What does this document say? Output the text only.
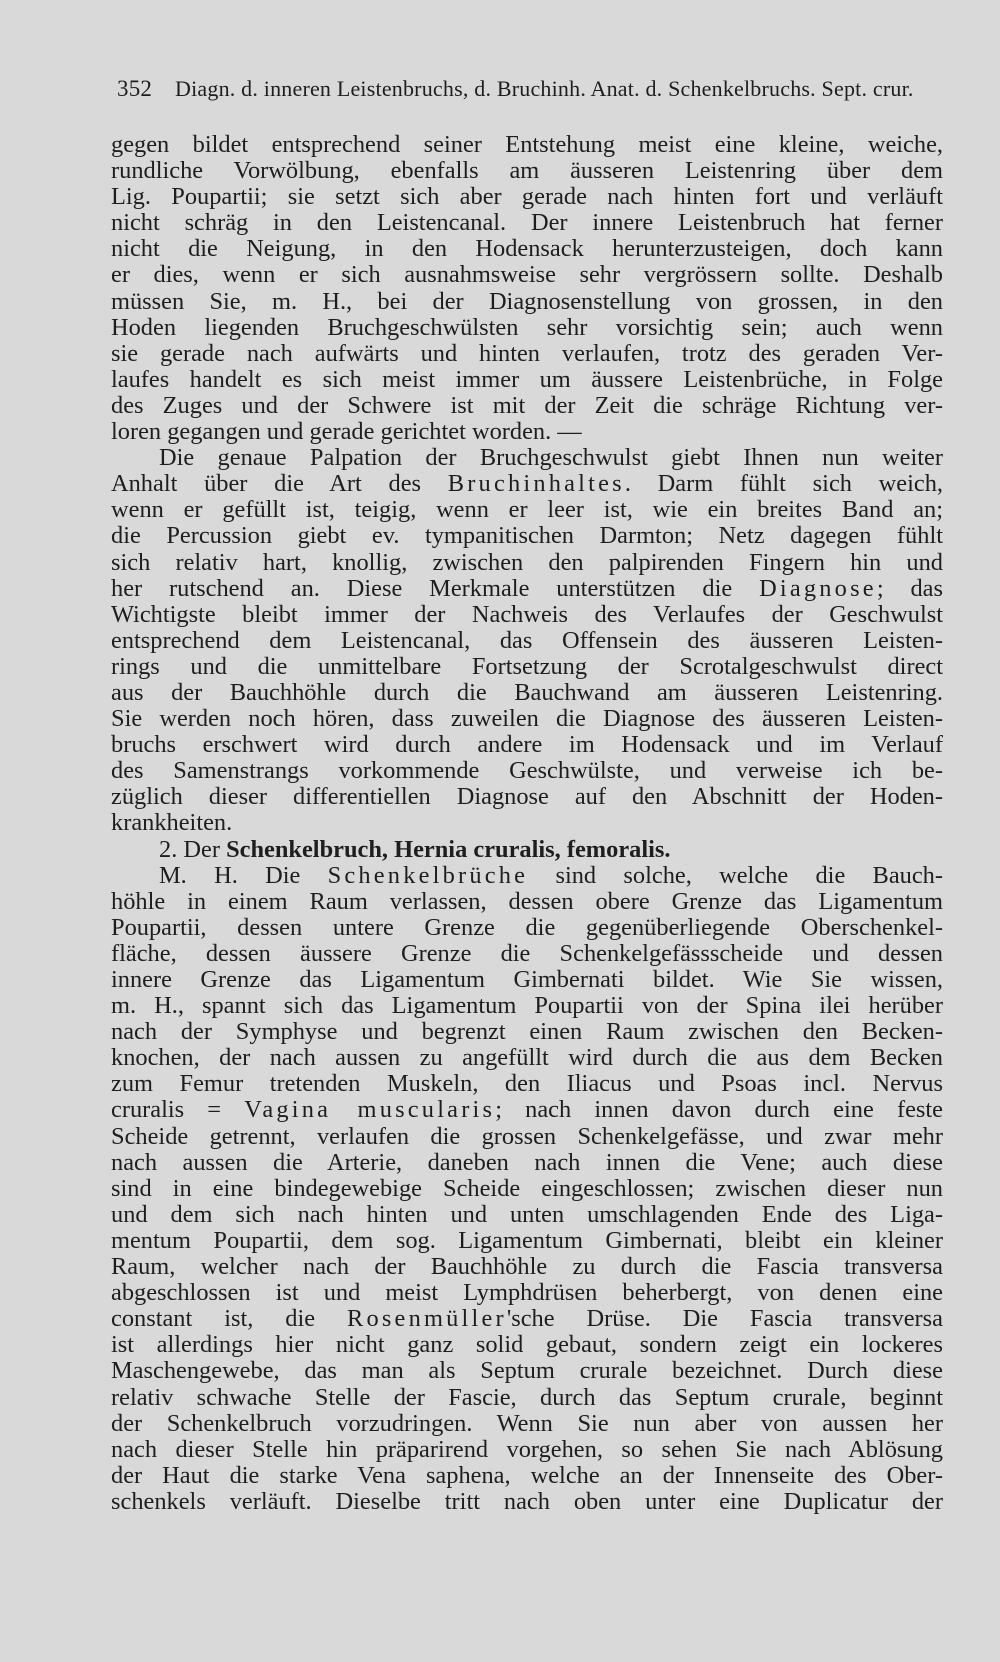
352 Diagn. d. inneren Leistenbruchs, d. Bruchinh. Anat. d. Schenkelbruchs. Sept. crur.
gegen bildet entsprechend seiner Entstehung meist eine kleine, weiche,
rundliche Vorwölbung, ebenfalls am äusseren Leistenring über dem
Lig. Poupartii; sie setzt sich aber gerade nach hinten fort und verläuft
nicht schräg in den Leistencanal. Der innere Leistenbruch hat ferner
nicht die Neigung, in den Hodensack herunterzusteigen, doch kann
er dies, wenn er sich ausnahmsweise sehr vergrössern sollte. Deshalb
müssen Sie, m. H., bei der Diagnosenstellung von grossen, in den
Hoden liegenden Bruchgeschwülsten sehr vorsichtig sein; auch wenn
sie gerade nach aufwärts und hinten verlaufen, trotz des geraden Ver-
laufes handelt es sich meist immer um äussere Leistenbrüche, in Folge
des Zuges und der Schwere ist mit der Zeit die schräge Richtung ver-
loren gegangen und gerade gerichtet worden. —
Die genaue Palpation der Bruchgeschwulst giebt Ihnen nun weiter
Anhalt über die Art des Bruchinhaltes. Darm fühlt sich weich,
wenn er gefüllt ist, teigig, wenn er leer ist, wie ein breites Band an;
die Percussion giebt ev. tympanitischen Darmton; Netz dagegen fühlt
sich relativ hart, knollig, zwischen den palpirenden Fingern hin und
her rutschend an. Diese Merkmale unterstützen die Diagnose; das
Wichtigste bleibt immer der Nachweis des Verlaufes der Geschwulst
entsprechend dem Leistencanal, das Offensein des äusseren Leisten-
rings und die unmittelbare Fortsetzung der Scrotalgeschwulst direct
aus der Bauchhöhle durch die Bauchwand am äusseren Leistenring.
Sie werden noch hören, dass zuweilen die Diagnose des äusseren Leisten-
bruchs erschwert wird durch andere im Hodensack und im Verlauf
des Samenstrangs vorkommende Geschwülste, und verweise ich be-
züglich dieser differentiellen Diagnose auf den Abschnitt der Hoden-
krankheiten.
2. Der Schenkelbruch, Hernia cruralis, femoralis.
M. H. Die Schenkelbrüche sind solche, welche die Bauch-
höhle in einem Raum verlassen, dessen obere Grenze das Ligamentum
Poupartii, dessen untere Grenze die gegenüberliegende Oberschenkel-
fläche, dessen äussere Grenze die Schenkelgefässscheide und dessen
innere Grenze das Ligamentum Gimbernati bildet. Wie Sie wissen,
m. H., spannt sich das Ligamentum Poupartii von der Spina ilei herüber
nach der Symphyse und begrenzt einen Raum zwischen den Becken-
knochen, der nach aussen zu angefüllt wird durch die aus dem Becken
zum Femur tretenden Muskeln, den Iliacus und Psoas incl. Nervus
cruralis = Vagina muscularis; nach innen davon durch eine feste
Scheide getrennt, verlaufen die grossen Schenkelgefässe, und zwar mehr
nach aussen die Arterie, daneben nach innen die Vene; auch diese
sind in eine bindegewebige Scheide eingeschlossen; zwischen dieser nun
und dem sich nach hinten und unten umschlagenden Ende des Liga-
mentum Poupartii, dem sog. Ligamentum Gimbernati, bleibt ein kleiner
Raum, welcher nach der Bauchhöhle zu durch die Fascia transversa
abgeschlossen ist und meist Lymphdrüsen beherbergt, von denen eine
constant ist, die Rosenmüller'sche Drüse. Die Fascia transversa
ist allerdings hier nicht ganz solid gebaut, sondern zeigt ein lockeres
Maschengewebe, das man als Septum crurale bezeichnet. Durch diese
relativ schwache Stelle der Fascie, durch das Septum crurale, beginnt
der Schenkelbruch vorzudringen. Wenn Sie nun aber von aussen her
nach dieser Stelle hin präparirend vorgehen, so sehen Sie nach Ablösung
der Haut die starke Vena saphena, welche an der Innenseite des Ober-
schenkels verläuft. Dieselbe tritt nach oben unter eine Duplicatur der
